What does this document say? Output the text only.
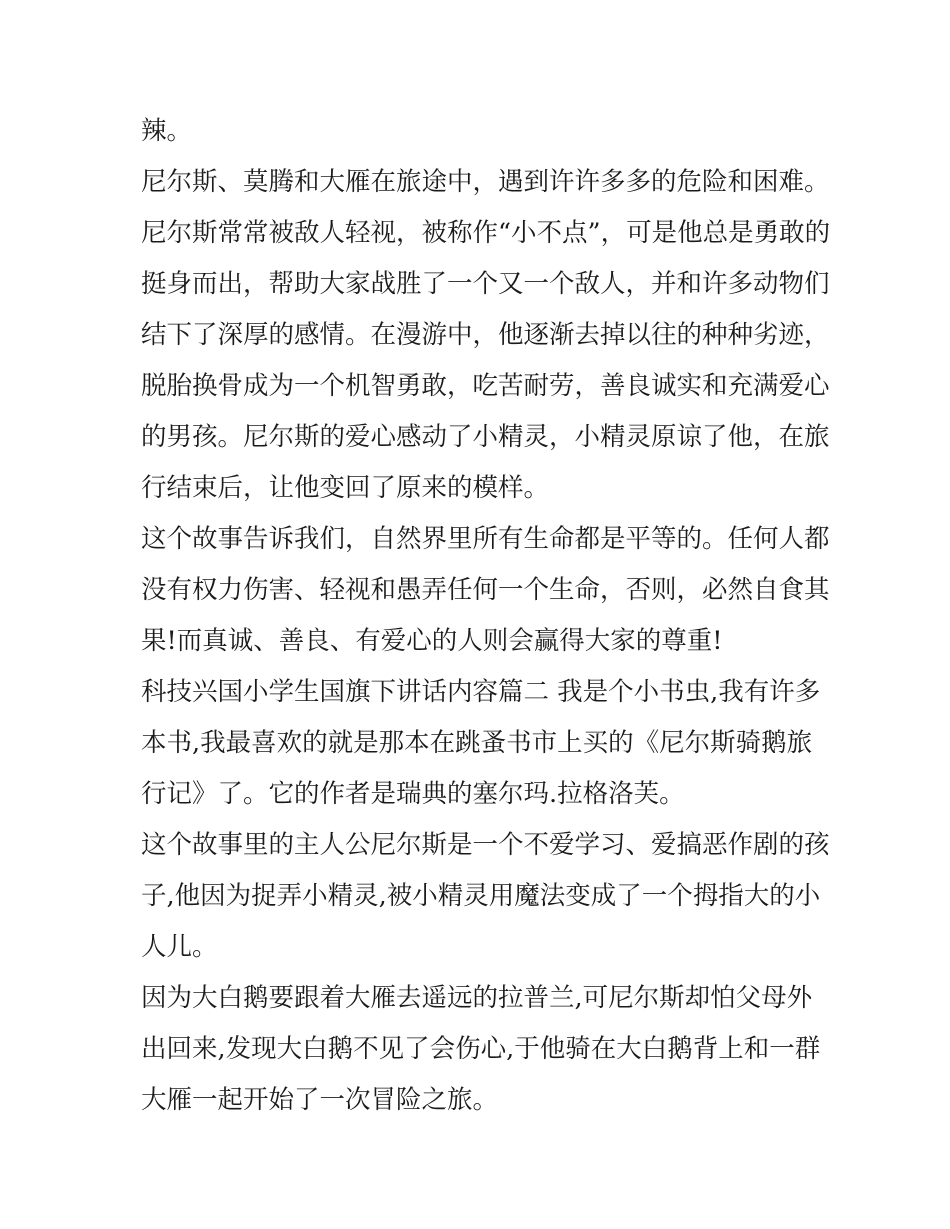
辣。
尼尔斯、莫腾和大雁在旅途中，遇到许许多多的危险和困难。
尼尔斯常常被敌人轻视，被称作“小不点”，可是他总是勇敢的
挺身而出，帮助大家战胜了一个又一个敌人，并和许多动物们
结下了深厚的感情。在漫游中，他逐渐去掉以往的种种劣迹，
脱胎换骨成为一个机智勇敢，吃苦耐劳，善良诚实和充满爱心
的男孩。尼尔斯的爱心感动了小精灵，小精灵原谅了他，在旅
行结束后，让他变回了原来的模样。
这个故事告诉我们，自然界里所有生命都是平等的。任何人都
没有权力伤害、轻视和愚弄任何一个生命，否则，必然自食其
果!而真诚、善良、有爱心的人则会赢得大家的尊重!
科技兴国小学生国旗下讲话内容篇二 我是个小书虫,我有许多
本书,我最喜欢的就是那本在跳蚤书市上买的《尼尔斯骑鹅旅
行记》了。它的作者是瑞典的塞尔玛.拉格洛芙。
这个故事里的主人公尼尔斯是一个不爱学习、爱搞恶作剧的孩
子,他因为捉弄小精灵,被小精灵用魔法变成了一个拇指大的小
人儿。
因为大白鹅要跟着大雁去遥远的拉普兰,可尼尔斯却怕父母外
出回来,发现大白鹅不见了会伤心,于他骑在大白鹅背上和一群
大雁一起开始了一次冒险之旅。
